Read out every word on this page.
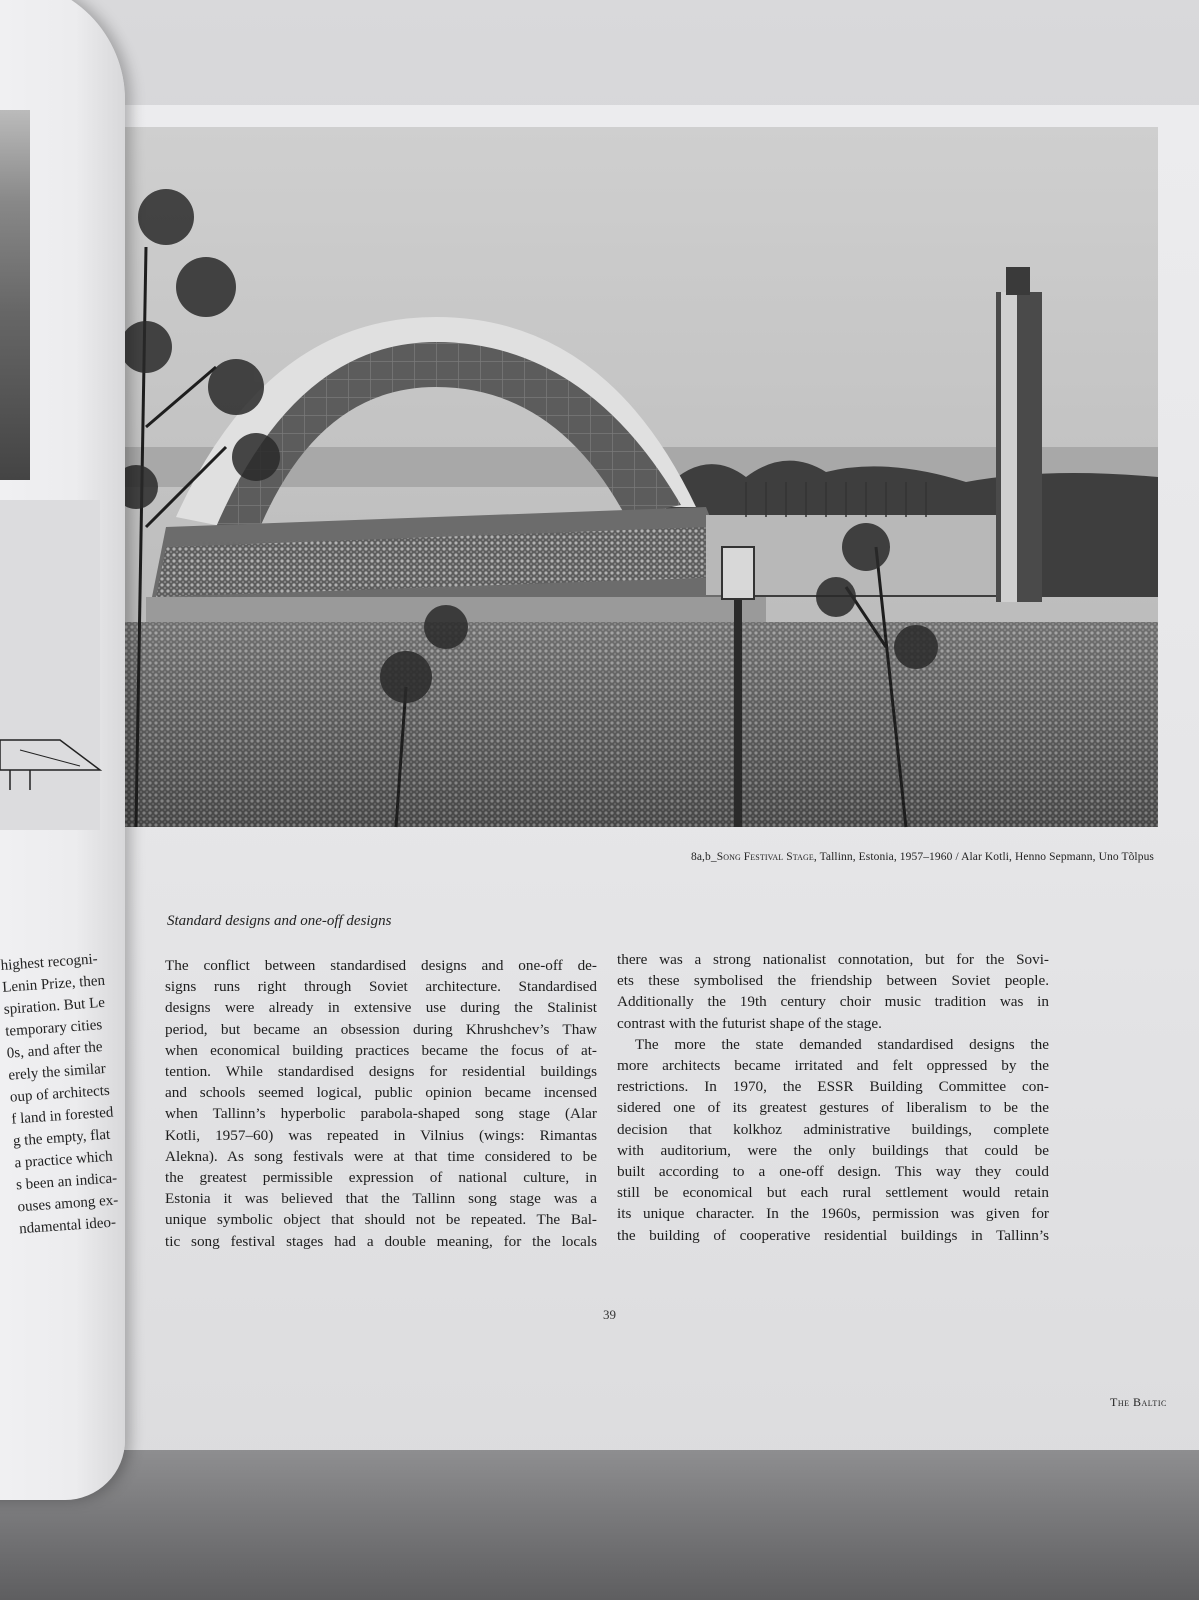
8a,b_Song Festival Stage, Tallinn, Estonia, 1957–1960 / Alar Kotli, Henno Sepmann, Uno Tõlpus
Standard designs and one-off designs
The conflict between standardised designs and one-off de-
signs runs right through Soviet architecture. Standardised
designs were already in extensive use during the Stalinist
period, but became an obsession during Khrushchev’s Thaw
when economical building practices became the focus of at-
tention. While standardised designs for residential buildings
and schools seemed logical, public opinion became incensed
when Tallinn’s hyperbolic parabola-shaped song stage (Alar
Kotli, 1957–60) was repeated in Vilnius (wings: Rimantas
Alekna). As song festivals were at that time considered to be
the greatest permissible expression of national culture, in
Estonia it was believed that the Tallinn song stage was a
unique symbolic object that should not be repeated. The Bal-
tic song festival stages had a double meaning, for the locals
there was a strong nationalist connotation, but for the Sovi-
ets these symbolised the friendship between Soviet people.
Additionally the 19th century choir music tradition was in
contrast with the futurist shape of the stage.
The more the state demanded standardised designs the
more architects became irritated and felt oppressed by the
restrictions. In 1970, the ESSR Building Committee con-
sidered one of its greatest gestures of liberalism to be the
decision that kolkhoz administrative buildings, complete
with auditorium, were the only buildings that could be
built according to a one-off design. This way they could
still be economical but each rural settlement would retain
its unique character. In the 1960s, permission was given for
the building of cooperative residential buildings in Tallinn’s
39
The Baltic
highest recogni-
Lenin Prize, then
spiration. But Le
temporary cities
0s, and after the
erely the similar
oup of architects
f land in forested
g the empty, flat
a practice which
s been an indica-
ouses among ex-
ndamental ideo-
